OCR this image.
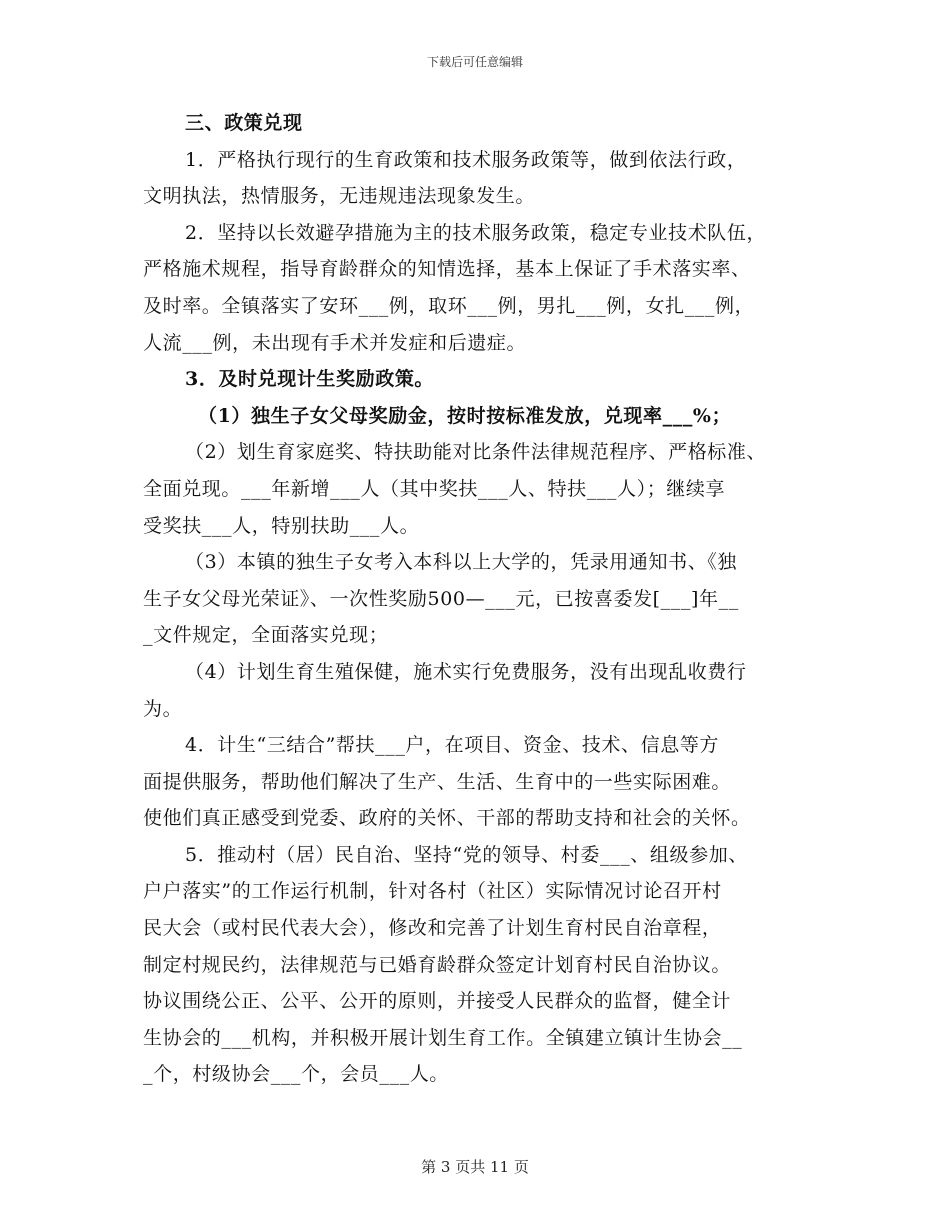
下载后可任意编辑
三、政策兑现
1．严格执行现行的生育政策和技术服务政策等，做到依法行政，
文明执法，热情服务，无违规违法现象发生。
2．坚持以长效避孕措施为主的技术服务政策，稳定专业技术队伍，
严格施术规程，指导育龄群众的知情选择，基本上保证了手术落实率、
及时率。全镇落实了安环___例，取环___例，男扎___例，女扎___例，
人流___例，未出现有手术并发症和后遗症。
3．及时兑现计生奖励政策。
（1）独生子女父母奖励金，按时按标准发放，兑现率___%；
（2）划生育家庭奖、特扶助能对比条件法律规范程序、严格标准、
全面兑现。___年新增___人（其中奖扶___人、特扶___人）；继续享
受奖扶___人，特别扶助___人。
（3）本镇的独生子女考入本科以上大学的，凭录用通知书、《独
生子女父母光荣证》、一次性奖励500—___元，已按喜委发[___]年__
_文件规定，全面落实兑现；
（4）计划生育生殖保健，施术实行免费服务，没有出现乱收费行
为。
4．计生“三结合”帮扶___户，在项目、资金、技术、信息等方
面提供服务，帮助他们解决了生产、生活、生育中的一些实际困难。
使他们真正感受到党委、政府的关怀、干部的帮助支持和社会的关怀。
5．推动村（居）民自治、坚持“党的领导、村委___、组级参加、
户户落实”的工作运行机制，针对各村（社区）实际情况讨论召开村
民大会（或村民代表大会），修改和完善了计划生育村民自治章程，
制定村规民约，法律规范与已婚育龄群众签定计划育村民自治协议。
协议围绕公正、公平、公开的原则，并接受人民群众的监督，健全计
生协会的___机构，并积极开展计划生育工作。全镇建立镇计生协会__
_个，村级协会___个，会员___人。
第 3 页共 11 页
